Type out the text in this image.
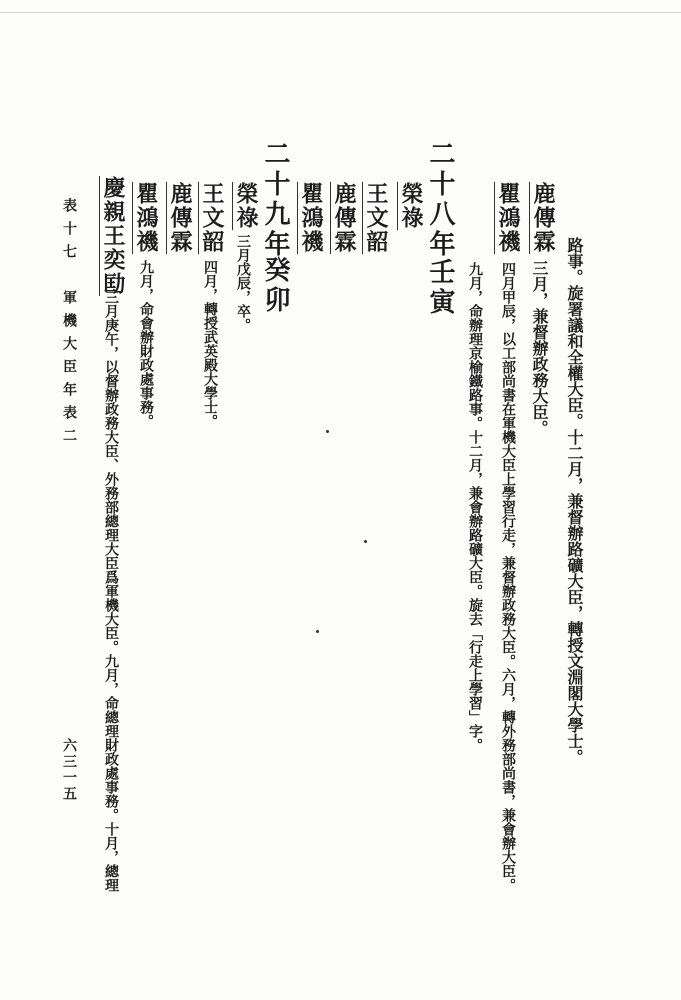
路事。旋署議和全權大臣。十二月，兼督辦路礦大臣，轉授文淵閣大學士。
鹿傳霖
三月，兼督辦政務大臣。
瞿鴻禨
四月甲辰，以工部尚書在軍機大臣上學習行走，兼督辦政務大臣。六月，轉外務部尚書，兼會辦大臣。
九月，命辦理京榆鐵路事。十二月，兼會辦路礦大臣。旋去「行走上學習」字。
二十八年
壬寅
榮祿
王文韶
鹿傳霖
瞿鴻禨
二十九年
癸卯
榮祿
三月戊辰，卒。
王文韶
四月，轉授武英殿大學士。
鹿傳霖
瞿鴻禨
九月，命會辦財政處事務。
慶親王奕劻
三月庚午，以督辦政務大臣、外務部總理大臣爲軍機大臣。九月，命總理財政處事務。十月，總理
表十七　軍機大臣年表二
六三一五
